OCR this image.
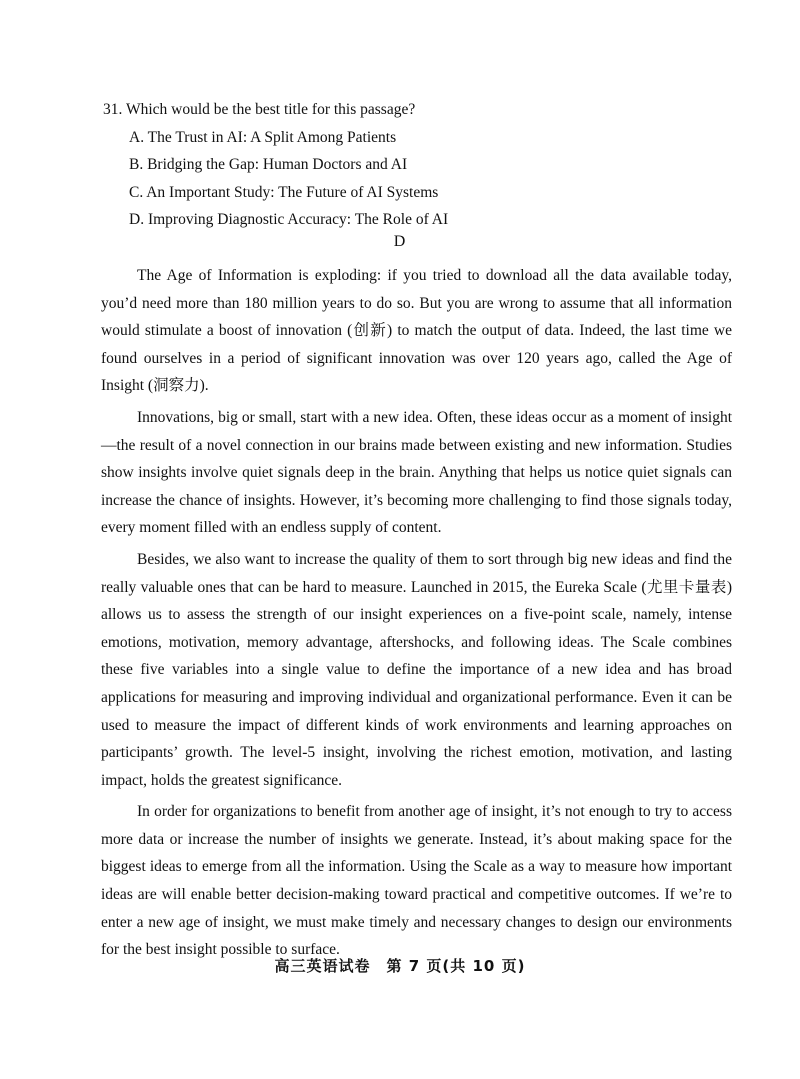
31. Which would be the best title for this passage?

A. The Trust in AI: A Split Among Patients

B. Bridging the Gap: Human Doctors and AI

C. An Important Study: The Future of AI Systems

D. Improving Diagnostic Accuracy: The Role of AI

D

The Age of Information is exploding: if you tried to download all the data available today, you’d need more than 180 million years to do so. But you are wrong to assume that all information would stimulate a boost of innovation (创新) to match the output of data. Indeed, the last time we found ourselves in a period of significant innovation was over 120 years ago, called the Age of Insight (洞察力).

Innovations, big or small, start with a new idea. Often, these ideas occur as a moment of insight—the result of a novel connection in our brains made between existing and new information. Studies show insights involve quiet signals deep in the brain. Anything that helps us notice quiet signals can increase the chance of insights. However, it’s becoming more challenging to find those signals today, every moment filled with an endless supply of content.

Besides, we also want to increase the quality of them to sort through big new ideas and find the really valuable ones that can be hard to measure. Launched in 2015, the Eureka Scale (尤里卡量表) allows us to assess the strength of our insight experiences on a five-point scale, namely, intense emotions, motivation, memory advantage, aftershocks, and following ideas. The Scale combines these five variables into a single value to define the importance of a new idea and has broad applications for measuring and improving individual and organizational performance. Even it can be used to measure the impact of different kinds of work environments and learning approaches on participants’ growth. The level-5 insight, involving the richest emotion, motivation, and lasting impact, holds the greatest significance.

In order for organizations to benefit from another age of insight, it’s not enough to try to access more data or increase the number of insights we generate. Instead, it’s about making space for the biggest ideas to emerge from all the information. Using the Scale as a way to measure how important ideas are will enable better decision-making toward practical and competitive outcomes. If we’re to enter a new age of insight, we must make timely and necessary changes to design our environments for the best insight possible to surface.

高三英语试卷　第 7 页(共 10 页)
